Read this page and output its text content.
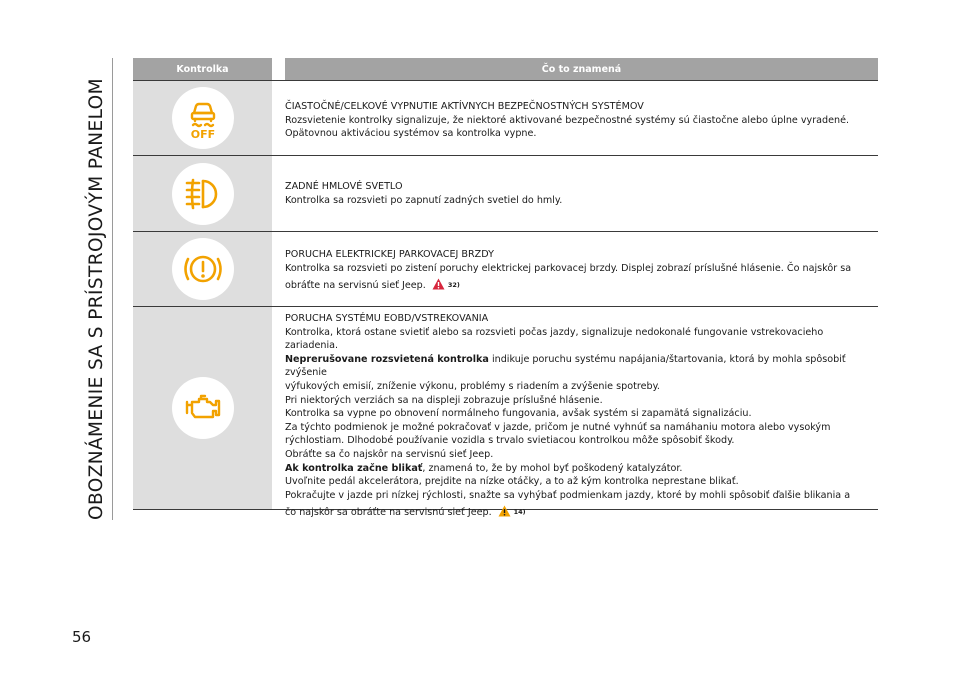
OBOZNÁMENIE SA S PRÍSTROJOVÝM PANELOM
Kontrolka	Čo to znamená
OFF
ČIASTOČNÉ/CELKOVÉ VYPNUTIE AKTÍVNYCH BEZPEČNOSTNÝCH SYSTÉMOV
Rozsvietenie kontrolky signalizuje, že niektoré aktivované bezpečnostné systémy sú čiastočne alebo úplne vyradené.
Opätovnou aktiváciou systémov sa kontrolka vypne.
ZADNÉ HMLOVÉ SVETLO
Kontrolka sa rozsvieti po zapnutí zadných svetiel do hmly.
PORUCHA ELEKTRICKEJ PARKOVACEJ BRZDY
Kontrolka sa rozsvieti po zistení poruchy elektrickej parkovacej brzdy. Displej zobrazí príslušné hlásenie. Čo najskôr sa
obráťte na servisnú sieť Jeep.	32)
PORUCHA SYSTÉMU EOBD/VSTREKOVANIA
Kontrolka, ktorá ostane svietiť alebo sa rozsvieti počas jazdy, signalizuje nedokonalé fungovanie vstrekovacieho
zariadenia.
Neprerušovane rozsvietená kontrolka indikuje poruchu systému napájania/štartovania, ktorá by mohla spôsobiť zvýšenie
výfukových emisií, zníženie výkonu, problémy s riadením a zvýšenie spotreby.
Pri niektorých verziách sa na displeji zobrazuje príslušné hlásenie.
Kontrolka sa vypne po obnovení normálneho fungovania, avšak systém si zapamätá signalizáciu.
Za týchto podmienok je možné pokračovať v jazde, pričom je nutné vyhnúť sa namáhaniu motora alebo vysokým
rýchlostiam. Dlhodobé používanie vozidla s trvalo svietiacou kontrolkou môže spôsobiť škody.
Obráťte sa čo najskôr na servisnú sieť Jeep.
Ak kontrolka začne blikať, znamená to, že by mohol byť poškodený katalyzátor.
Uvoľnite pedál akcelerátora, prejdite na nízke otáčky, a to až kým kontrolka neprestane blikať.
Pokračujte v jazde pri nízkej rýchlosti, snažte sa vyhýbať podmienkam jazdy, ktoré by mohli spôsobiť ďalšie blikania a
čo najskôr sa obráťte na servisnú sieť Jeep.	14)
56
